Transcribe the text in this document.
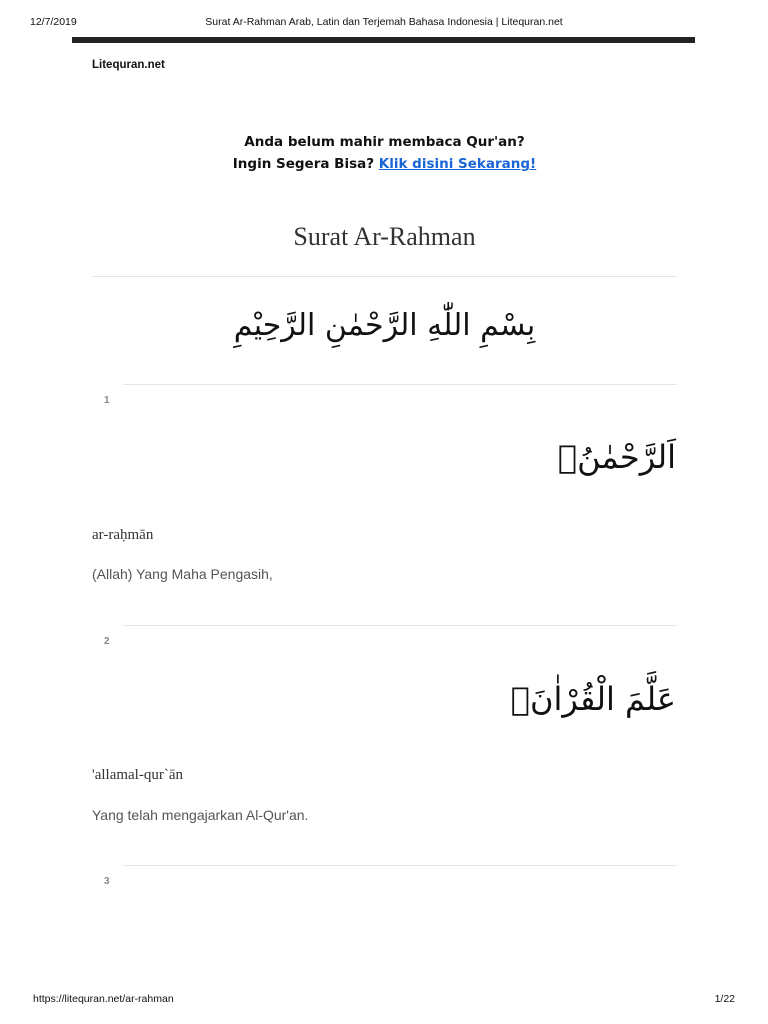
12/7/2019	Surat Ar-Rahman Arab, Latin dan Terjemah Bahasa Indonesia | Litequran.net
Litequran.net
Anda belum mahir membaca Qur'an?
Ingin Segera Bisa? Klik disini Sekarang!
Surat Ar-Rahman
بِسْمِ اللّٰهِ الرَّحْمٰنِ الرَّحِيْمِ
1
اَلرَّحْمٰنُۙ
ar-raḥmān
(Allah) Yang Maha Pengasih,
2
عَلَّمَ الْقُرْاٰنَۗ
'allamal-qur`ān
Yang telah mengajarkan Al-Qur'an.
3
https://litequran.net/ar-rahman	1/22
